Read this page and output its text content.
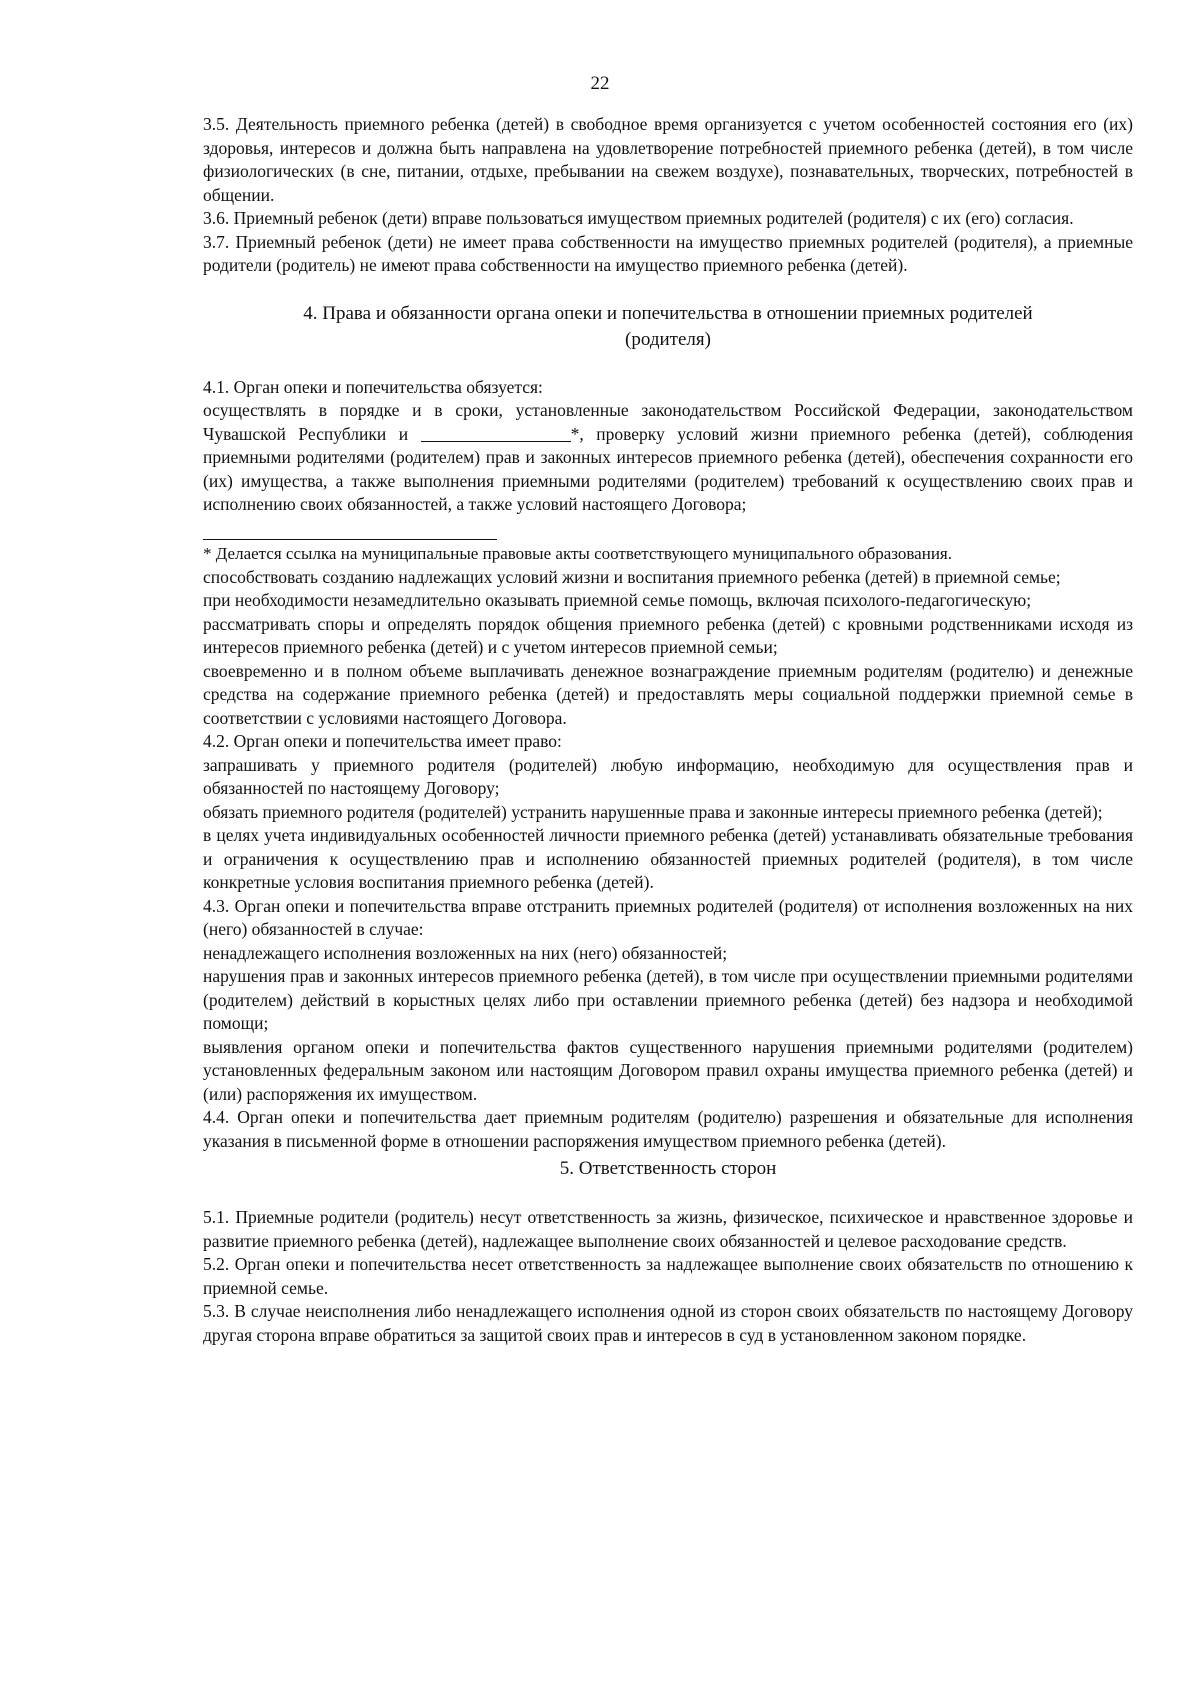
22

3.5. Деятельность приемного ребенка (детей) в свободное время организуется с учетом особенностей состояния его (их) здоровья, интересов и должна быть направлена на удовлетворение потребностей приемного ребенка (детей), в том числе физиологических (в сне, питании, отдыхе, пребывании на свежем воздухе), познавательных, творческих, потребностей в общении.

3.6. Приемный ребенок (дети) вправе пользоваться имуществом приемных родителей (родителя) с их (его) согласия.

3.7. Приемный ребенок (дети) не имеет права собственности на имущество приемных родителей (родителя), а приемные родители (родитель) не имеют права собственности на имущество приемного ребенка (детей).

4. Права и обязанности органа опеки и попечительства в отношении приемных родителей
(родителя)

4.1. Орган опеки и попечительства обязуется:

осуществлять в порядке и в сроки, установленные законодательством Российской Федерации, законодательством Чувашской Республики и	*, проверку условий жизни приемного ребенка (детей), соблюдения приемными родителями (родителем) прав и законных интересов приемного ребенка (детей), обеспечения сохранности его (их) имущества, а также выполнения приемными родителями (родителем) требований к осуществлению своих прав и исполнению своих обязанностей, а также условий настоящего Договора;

* Делается ссылка на муниципальные правовые акты соответствующего муниципального образования.

способствовать созданию надлежащих условий жизни и воспитания приемного ребенка (детей) в приемной семье;

при необходимости незамедлительно оказывать приемной семье помощь, включая психолого-педагогическую;

рассматривать споры и определять порядок общения приемного ребенка (детей) с кровными родственниками исходя из интересов приемного ребенка (детей) и с учетом интересов приемной семьи;

своевременно и в полном объеме выплачивать денежное вознаграждение приемным родителям (родителю) и денежные средства на содержание приемного ребенка (детей) и предоставлять меры социальной поддержки приемной семье в соответствии с условиями настоящего Договора.

4.2. Орган опеки и попечительства имеет право:

запрашивать у приемного родителя (родителей) любую информацию, необходимую для осуществления прав и обязанностей по настоящему Договору;

обязать приемного родителя (родителей) устранить нарушенные права и законные интересы приемного ребенка (детей);

в целях учета индивидуальных особенностей личности приемного ребенка (детей) устанавливать обязательные требования и ограничения к осуществлению прав и исполнению обязанностей приемных родителей (родителя), в том числе конкретные условия воспитания приемного ребенка (детей).

4.3. Орган опеки и попечительства вправе отстранить приемных родителей (родителя) от исполнения возложенных на них (него) обязанностей в случае:

ненадлежащего исполнения возложенных на них (него) обязанностей;

нарушения прав и законных интересов приемного ребенка (детей), в том числе при осуществлении приемными родителями (родителем) действий в корыстных целях либо при оставлении приемного ребенка (детей) без надзора и необходимой помощи;

выявления органом опеки и попечительства фактов существенного нарушения приемными родителями (родителем) установленных федеральным законом или настоящим Договором правил охраны имущества приемного ребенка (детей) и (или) распоряжения их имуществом.

4.4. Орган опеки и попечительства дает приемным родителям (родителю) разрешения и обязательные для исполнения указания в письменной форме в отношении распоряжения имуществом приемного ребенка (детей).

5. Ответственность сторон

5.1. Приемные родители (родитель) несут ответственность за жизнь, физическое, психическое и нравственное здоровье и развитие приемного ребенка (детей), надлежащее выполнение своих обязанностей и целевое расходование средств.

5.2. Орган опеки и попечительства несет ответственность за надлежащее выполнение своих обязательств по отношению к приемной семье.

5.3. В случае неисполнения либо ненадлежащего исполнения одной из сторон своих обязательств по настоящему Договору другая сторона вправе обратиться за защитой своих прав и интересов в суд в установленном законом порядке.
